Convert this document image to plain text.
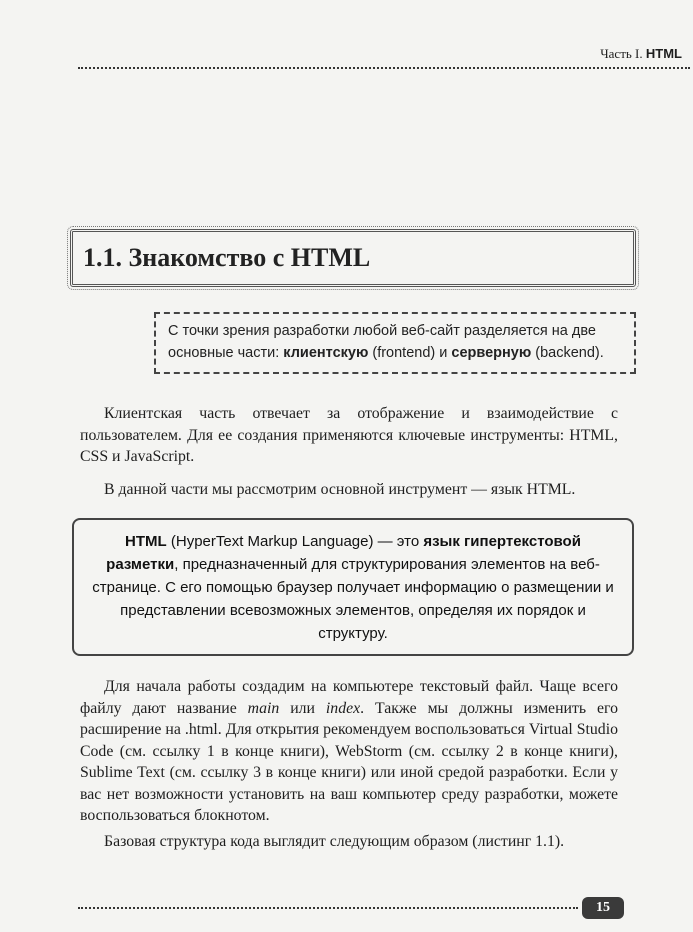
Часть I. HTML
1.1. Знакомство с HTML
С точки зрения разработки любой веб-сайт разделяется на две
основные части: клиентскую (frontend) и серверную (backend).

Клиентская часть отвечает за отображение и взаимодействие с пользователем. Для ее создания применяются ключевые инструменты: HTML, CSS и JavaScript.

В данной части мы рассмотрим основной инструмент — язык HTML.

HTML (HyperText Markup Language) — это язык гипертекстовой разметки, предназначенный для структурирования элементов на веб-странице. С его помощью браузер получает информацию о размещении и представлении всевозможных элементов, определяя их порядок и структуру.

Для начала работы создадим на компьютере текстовый файл. Чаще всего файлу дают название main или index. Также мы должны изменить его расширение на .html. Для открытия рекомендуем воспользоваться Virtual Studio Code (см. ссылку 1 в конце книги), WebStorm (см. ссылку 2 в конце книги), Sublime Text (см. ссылку 3 в конце книги) или иной средой разработки. Если у вас нет возможности установить на ваш компьютер среду разработки, можете воспользоваться блокнотом.

Базовая структура кода выглядит следующим образом (листинг 1.1).

15
